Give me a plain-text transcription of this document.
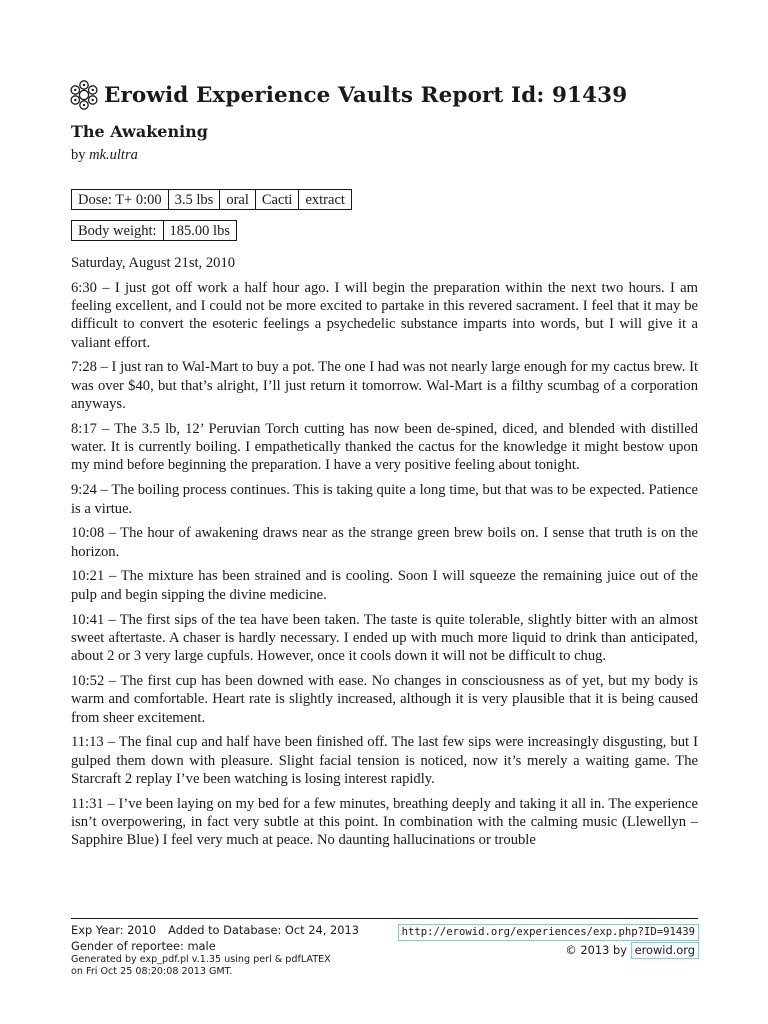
Erowid Experience Vaults Report Id: 91439
The Awakening
by mk.ultra
Dose: T+ 0:00	3.5 lbs	oral	Cacti	extract
Body weight:	185.00 lbs

Saturday, August 21st, 2010

6:30 – I just got off work a half hour ago. I will begin the preparation within the next two hours. I am feeling excellent, and I could not be more excited to partake in this revered sacrament. I feel that it may be difficult to convert the esoteric feelings a psychedelic substance imparts into words, but I will give it a valiant effort.

7:28 – I just ran to Wal-Mart to buy a pot. The one I had was not nearly large enough for my cactus brew. It was over $40, but that’s alright, I’ll just return it tomorrow. Wal-Mart is a filthy scumbag of a corporation anyways.

8:17 – The 3.5 lb, 12’ Peruvian Torch cutting has now been de-spined, diced, and blended with distilled water. It is currently boiling. I empathetically thanked the cactus for the knowledge it might bestow upon my mind before beginning the preparation. I have a very positive feeling about tonight.

9:24 – The boiling process continues. This is taking quite a long time, but that was to be expected. Patience is a virtue.

10:08 – The hour of awakening draws near as the strange green brew boils on. I sense that truth is on the horizon.

10:21 – The mixture has been strained and is cooling. Soon I will squeeze the remaining juice out of the pulp and begin sipping the divine medicine.

10:41 – The first sips of the tea have been taken. The taste is quite tolerable, slightly bitter with an almost sweet aftertaste. A chaser is hardly necessary. I ended up with much more liquid to drink than anticipated, about 2 or 3 very large cupfuls. However, once it cools down it will not be difficult to chug.

10:52 – The first cup has been downed with ease. No changes in consciousness as of yet, but my body is warm and comfortable. Heart rate is slightly increased, although it is very plausible that it is being caused from sheer excitement.

11:13 – The final cup and half have been finished off. The last few sips were increasingly disgusting, but I gulped them down with pleasure. Slight facial tension is noticed, now it’s merely a waiting game. The Starcraft 2 replay I’ve been watching is losing interest rapidly.

11:31 – I’ve been laying on my bed for a few minutes, breathing deeply and taking it all in. The experience isn’t overpowering, in fact very subtle at this point. In combination with the calming music (Llewellyn – Sapphire Blue) I feel very much at peace. No daunting hallucinations or trouble

Exp Year: 2010 Added to Database: Oct 24, 2013
Gender of reportee: male
Generated by exp_pdf.pl v.1.35 using perl & pdfLATEX
on Fri Oct 25 08:20:08 2013 GMT.
http://erowid.org/experiences/exp.php?ID=91439
© 2013 by erowid.org
